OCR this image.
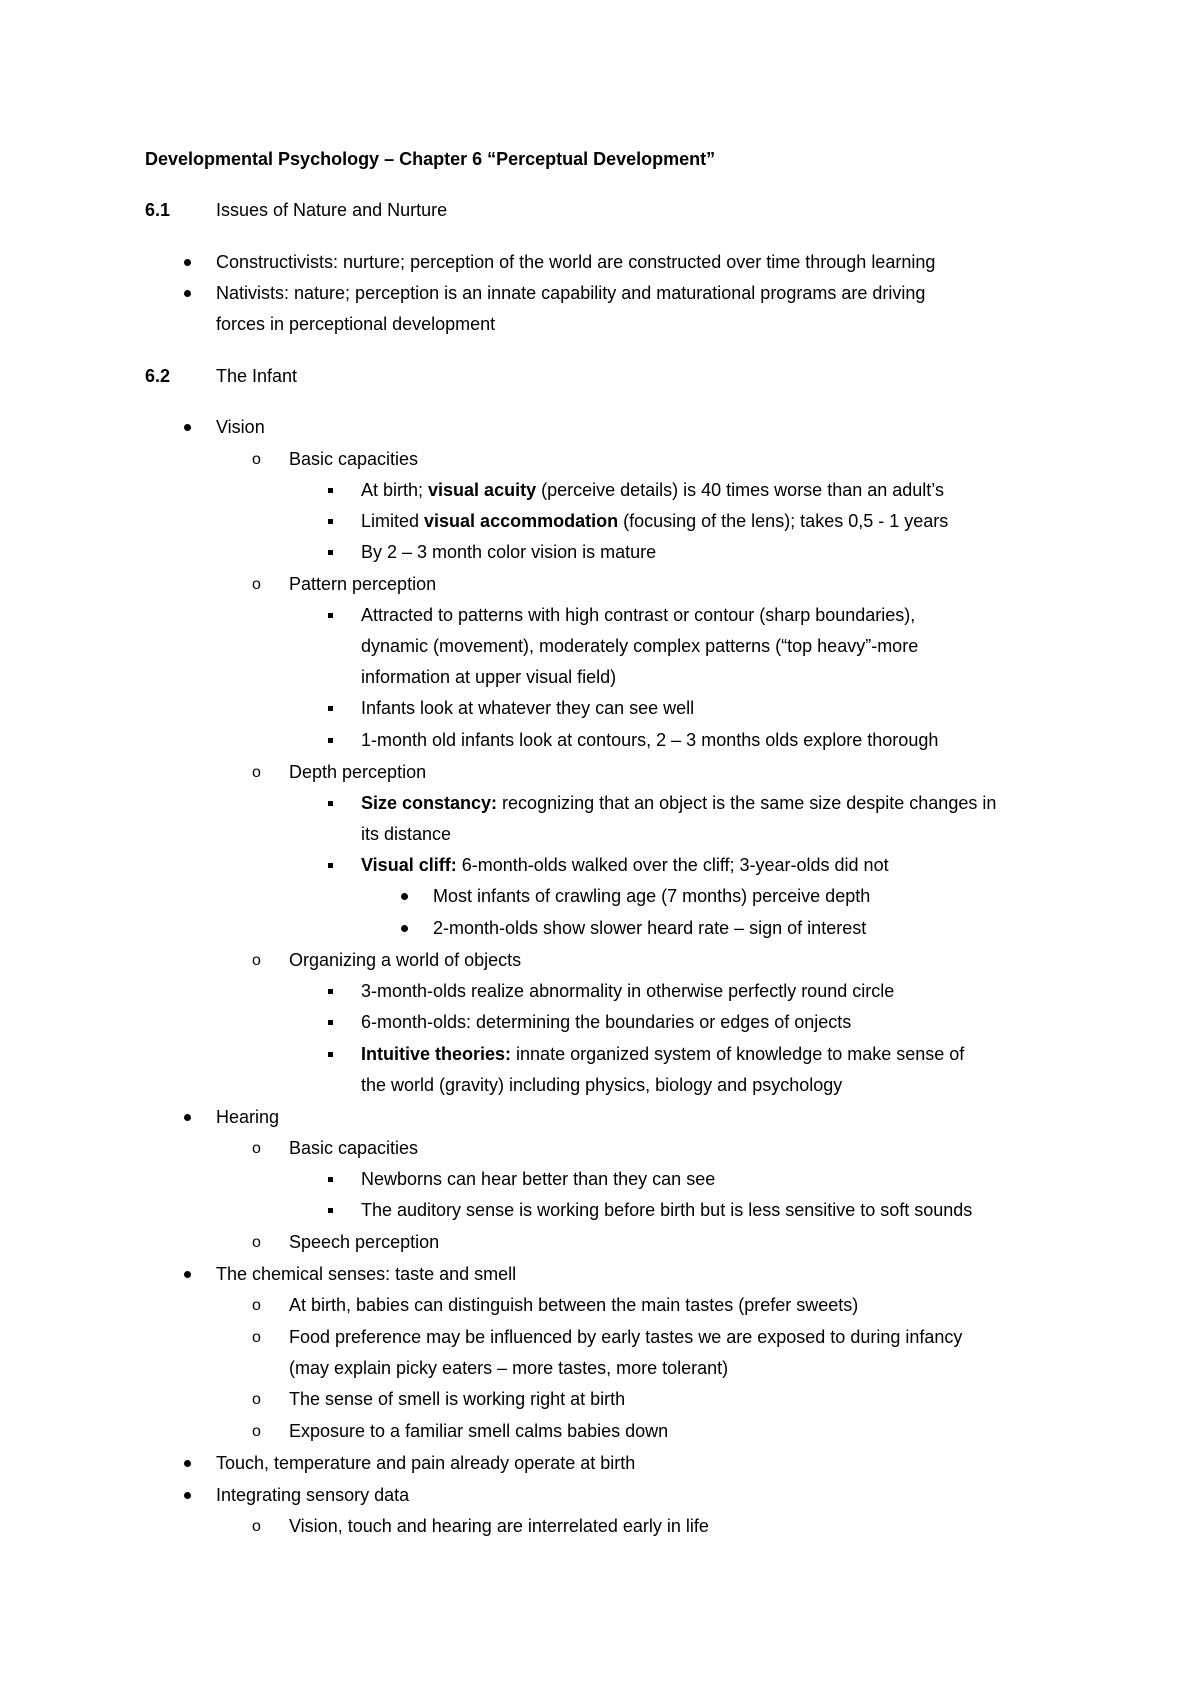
Developmental Psychology – Chapter 6 “Perceptual Development”
6.1	Issues of Nature and Nurture
Constructivists: nurture; perception of the world are constructed over time through learning
Nativists: nature; perception is an innate capability and maturational programs are driving
forces in perceptional development
6.2	The Infant
Vision
o Basic capacities
At birth; visual acuity (perceive details) is 40 times worse than an adult’s
Limited visual accommodation (focusing of the lens); takes 0,5 - 1 years
By 2 – 3 month color vision is mature
o Pattern perception
Attracted to patterns with high contrast or contour (sharp boundaries),
dynamic (movement), moderately complex patterns (“top heavy”-more
information at upper visual field)
Infants look at whatever they can see well
1-month old infants look at contours, 2 – 3 months olds explore thorough
o Depth perception
Size constancy: recognizing that an object is the same size despite changes in
its distance
Visual cliff: 6-month-olds walked over the cliff; 3-year-olds did not
Most infants of crawling age (7 months) perceive depth
2-month-olds show slower heard rate – sign of interest
o Organizing a world of objects
3-month-olds realize abnormality in otherwise perfectly round circle
6-month-olds: determining the boundaries or edges of onjects
Intuitive theories: innate organized system of knowledge to make sense of
the world (gravity) including physics, biology and psychology
Hearing
o Basic capacities
Newborns can hear better than they can see
The auditory sense is working before birth but is less sensitive to soft sounds
o Speech perception
The chemical senses: taste and smell
o At birth, babies can distinguish between the main tastes (prefer sweets)
o Food preference may be influenced by early tastes we are exposed to during infancy
(may explain picky eaters – more tastes, more tolerant)
o The sense of smell is working right at birth
o Exposure to a familiar smell calms babies down
Touch, temperature and pain already operate at birth
Integrating sensory data
o Vision, touch and hearing are interrelated early in life
